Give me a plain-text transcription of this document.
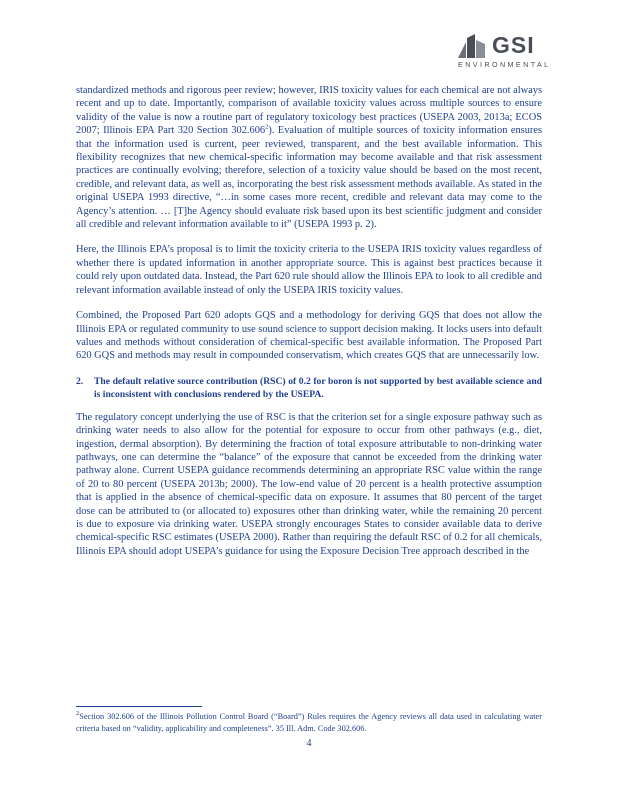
GSI
ENVIRONMENTAL

standardized methods and rigorous peer review; however, IRIS toxicity values for each chemical are not always recent and up to date. Importantly, comparison of available toxicity values across multiple sources to ensure validity of the value is now a routine part of regulatory toxicology best practices (USEPA 2003, 2013a; ECOS 2007; Illinois EPA Part 320 Section 302.606$^2$). Evaluation of multiple sources of toxicity information ensures that the information used is current, peer reviewed, transparent, and the best available information. This flexibility recognizes that new chemical-specific information may become available and that risk assessment practices are continually evolving; therefore, selection of a toxicity value should be based on the most recent, credible, and relevant data, as well as, incorporating the best risk assessment methods available. As stated in the original USEPA 1993 directive, “…in some cases more recent, credible and relevant data may come to the Agency’s attention. … [T]he Agency should evaluate risk based upon its best scientific judgment and consider all credible and relevant information available to it” (USEPA 1993 p. 2).

Here, the Illinois EPA’s proposal is to limit the toxicity criteria to the USEPA IRIS toxicity values regardless of whether there is updated information in another appropriate source. This is against best practices because it could rely upon outdated data. Instead, the Part 620 rule should allow the Illinois EPA to look to all credible and relevant information available instead of only the USEPA IRIS toxicity values.

Combined, the Proposed Part 620 adopts GQS and a methodology for deriving GQS that does not allow the Illinois EPA or regulated community to use sound science to support decision making. It locks users into default values and methods without consideration of chemical-specific best available information. The Proposed Part 620 GQS and methods may result in compounded conservatism, which creates GQS that are unnecessarily low.

2.	The default relative source contribution (RSC) of 0.2 for boron is not supported by best available science and is inconsistent with conclusions rendered by the USEPA.

The regulatory concept underlying the use of RSC is that the criterion set for a single exposure pathway such as drinking water needs to also allow for the potential for exposure to occur from other pathways (e.g., diet, ingestion, dermal absorption). By determining the fraction of total exposure attributable to non-drinking water pathways, one can determine the “balance” of the exposure that cannot be exceeded from the drinking water pathway alone. Current USEPA guidance recommends determining an appropriate RSC value within the range of 20 to 80 percent (USEPA 2013b; 2000). The low-end value of 20 percent is a health protective assumption that is applied in the absence of chemical-specific data on exposure. It assumes that 80 percent of the target dose can be attributed to (or allocated to) exposures other than drinking water, while the remaining 20 percent is due to exposure via drinking water. USEPA strongly encourages States to consider available data to derive chemical-specific RSC estimates (USEPA 2000). Rather than requiring the default RSC of 0.2 for all chemicals, Illinois EPA should adopt USEPA’s guidance for using the Exposure Decision Tree approach described in the

$^2$Section 302.606 of the Illinois Pollution Control Board (“Board”) Rules requires the Agency reviews all data used in calculating water criteria based on “validity, applicability and completeness”. 35 Ill. Adm. Code 302.606.
4
